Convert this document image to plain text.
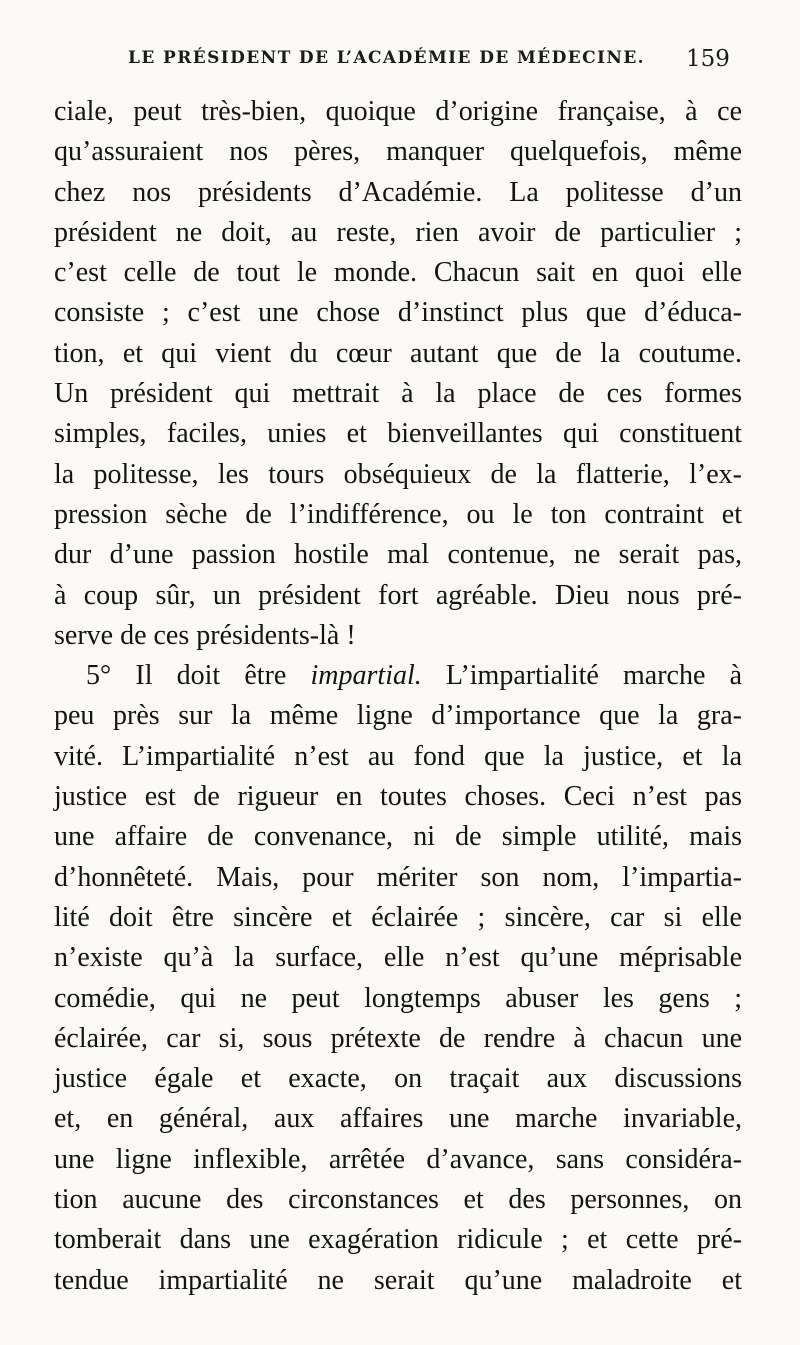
LE PRÉSIDENT DE L’ACADÉMIE DE MÉDECINE. 159
ciale, peut très-bien, quoique d’origine française, à ce
qu’assuraient nos pères, manquer quelquefois, même
chez nos présidents d’Académie. La politesse d’un
président ne doit, au reste, rien avoir de particulier ;
c’est celle de tout le monde. Chacun sait en quoi elle
consiste ; c’est une chose d’instinct plus que d’éduca-
tion, et qui vient du cœur autant que de la coutume.
Un président qui mettrait à la place de ces formes
simples, faciles, unies et bienveillantes qui constituent
la politesse, les tours obséquieux de la flatterie, l’ex-
pression sèche de l’indifférence, ou le ton contraint et
dur d’une passion hostile mal contenue, ne serait pas,
à coup sûr, un président fort agréable. Dieu nous pré-
serve de ces présidents-là !
5° Il doit être impartial. L’impartialité marche à
peu près sur la même ligne d’importance que la gra-
vité. L’impartialité n’est au fond que la justice, et la
justice est de rigueur en toutes choses. Ceci n’est pas
une affaire de convenance, ni de simple utilité, mais
d’honnêteté. Mais, pour mériter son nom, l’impartia-
lité doit être sincère et éclairée ; sincère, car si elle
n’existe qu’à la surface, elle n’est qu’une méprisable
comédie, qui ne peut longtemps abuser les gens ;
éclairée, car si, sous prétexte de rendre à chacun une
justice égale et exacte, on traçait aux discussions
et, en général, aux affaires une marche invariable,
une ligne inflexible, arrêtée d’avance, sans considéra-
tion aucune des circonstances et des personnes, on
tomberait dans une exagération ridicule ; et cette pré-
tendue impartialité ne serait qu’une maladroite et
